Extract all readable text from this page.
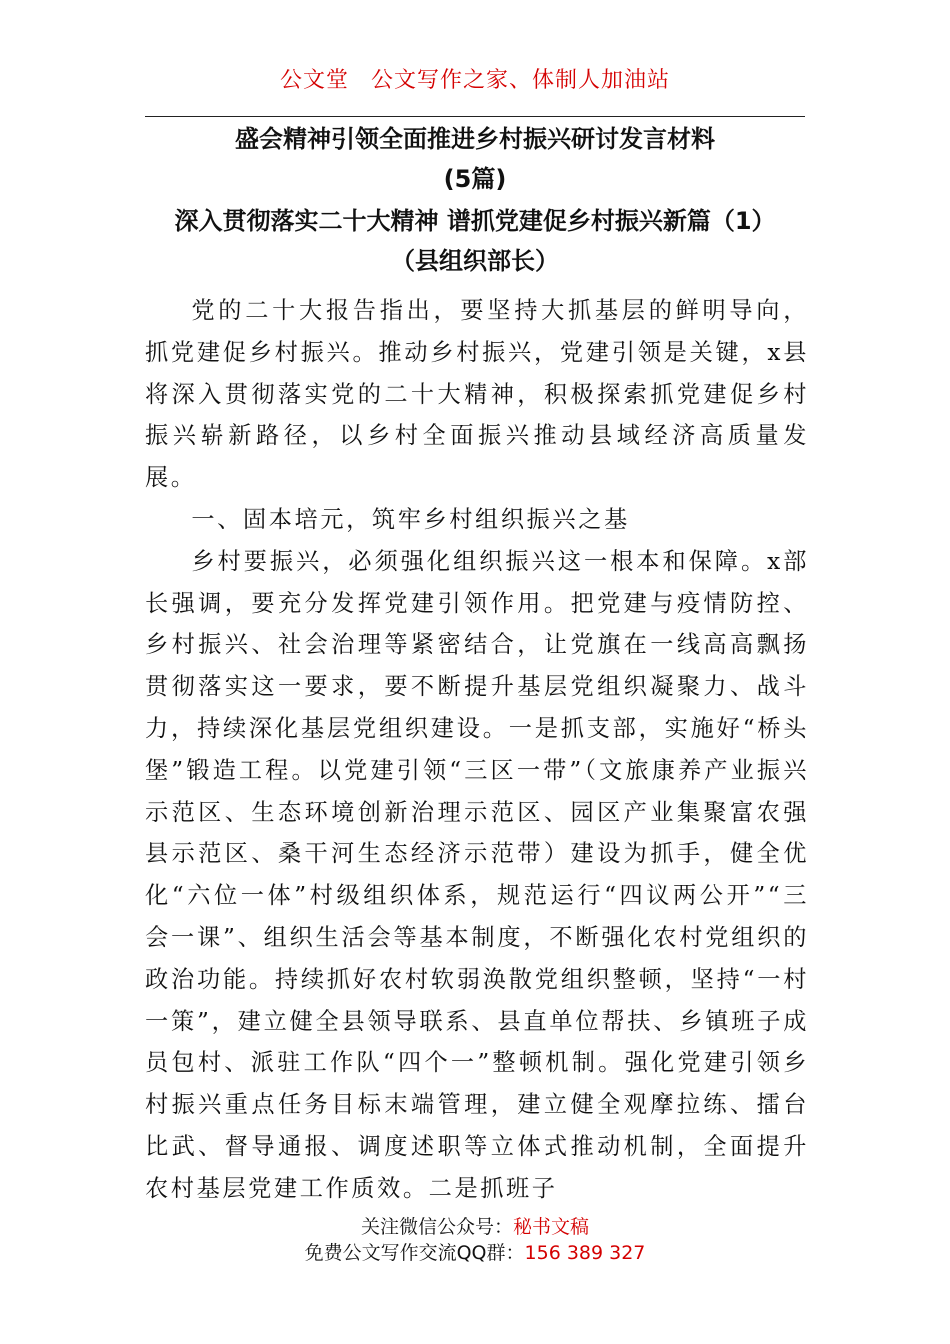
公文堂 公文写作之家、体制人加油站
盛会精神引领全面推进乡村振兴研讨发言材料
(5篇)
深入贯彻落实二十大精神 谱抓党建促乡村振兴新篇（1）
（县组织部长）

党的二十大报告指出，要坚持大抓基层的鲜明导向，抓党建促乡村振兴。推动乡村振兴，党建引领是关键，x县将深入贯彻落实党的二十大精神，积极探索抓党建促乡村振兴崭新路径，以乡村全面振兴推动县域经济高质量发展。

一、固本培元，筑牢乡村组织振兴之基

乡村要振兴，必须强化组织振兴这一根本和保障。x部长强调，要充分发挥党建引领作用。把党建与疫情防控、乡村振兴、社会治理等紧密结合，让党旗在一线高高飘扬贯彻落实这一要求，要不断提升基层党组织凝聚力、战斗力，持续深化基层党组织建设。一是抓支部，实施好“桥头堡”锻造工程。以党建引领“三区一带”（文旅康养产业振兴示范区、生态环境创新治理示范区、园区产业集聚富农强县示范区、桑干河生态经济示范带）建设为抓手，健全优化“六位一体”村级组织体系，规范运行“四议两公开”“三会一课”、组织生活会等基本制度，不断强化农村党组织的政治功能。持续抓好农村软弱涣散党组织整顿，坚持“一村一策”，建立健全县领导联系、县直单位帮扶、乡镇班子成员包村、派驻工作队“四个一”整顿机制。强化党建引领乡村振兴重点任务目标末端管理，建立健全观摩拉练、擂台比武、督导通报、调度述职等立体式推动机制，全面提升农村基层党建工作质效。二是抓班子

关注微信公众号：秘书文稿
免费公文写作交流QQ群：156 389 327
